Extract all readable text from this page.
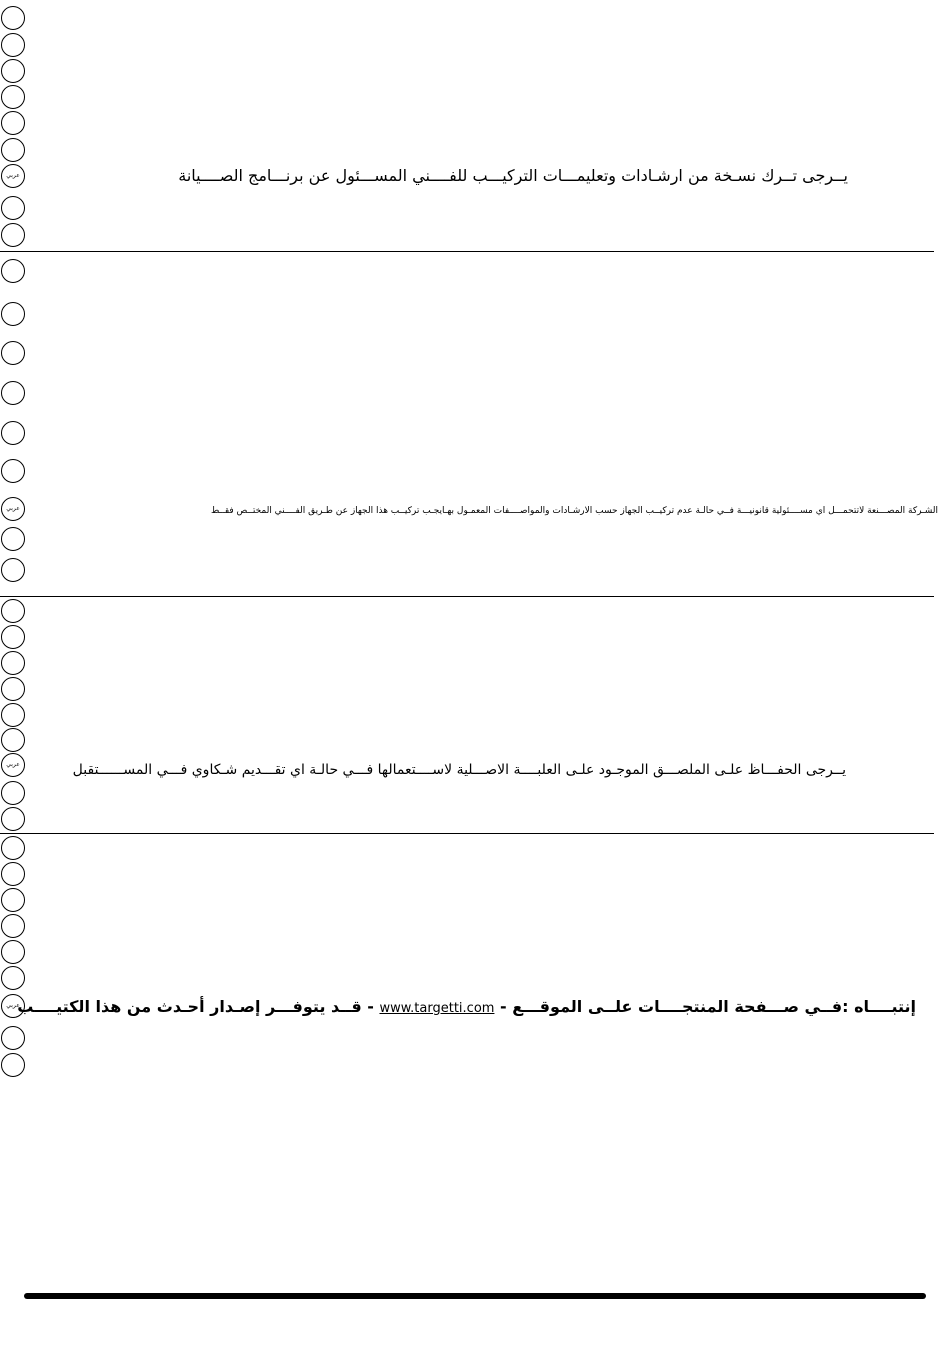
عربي
عربي
عربي
عربي
يــرجى تــرك نسـخة من ارشـادات وتعليمـــات التركيـــب للفــــني المســـئول عن برنـــامج الصــــيانة
الشـركة المصـــنعة لاتتحمـــل اي مســــئولية قانونيـــة فــي حالـة عدم تركيــب الجهاز حسب الارشـادات والمواصــــفات المعمـول بهـايجـب تركيــب هذا الجهاز عن طـريق الفــــني المختــص فقــط
يــرجى الحفـــاظ علـى الملصـــق الموجـود علـى العلبــــة الاصـــلية لاســــتعمالها فـــي حالـة اي تقـــديم شـكاوي فـــي المســــــتقبل
إنتبــــاه :فــي صـــفحة المنتجــــات علــى الموقـــع - www.targetti.com - قــد يتوفـــر إصـدار أحـدث من هذا الكتيــــب
